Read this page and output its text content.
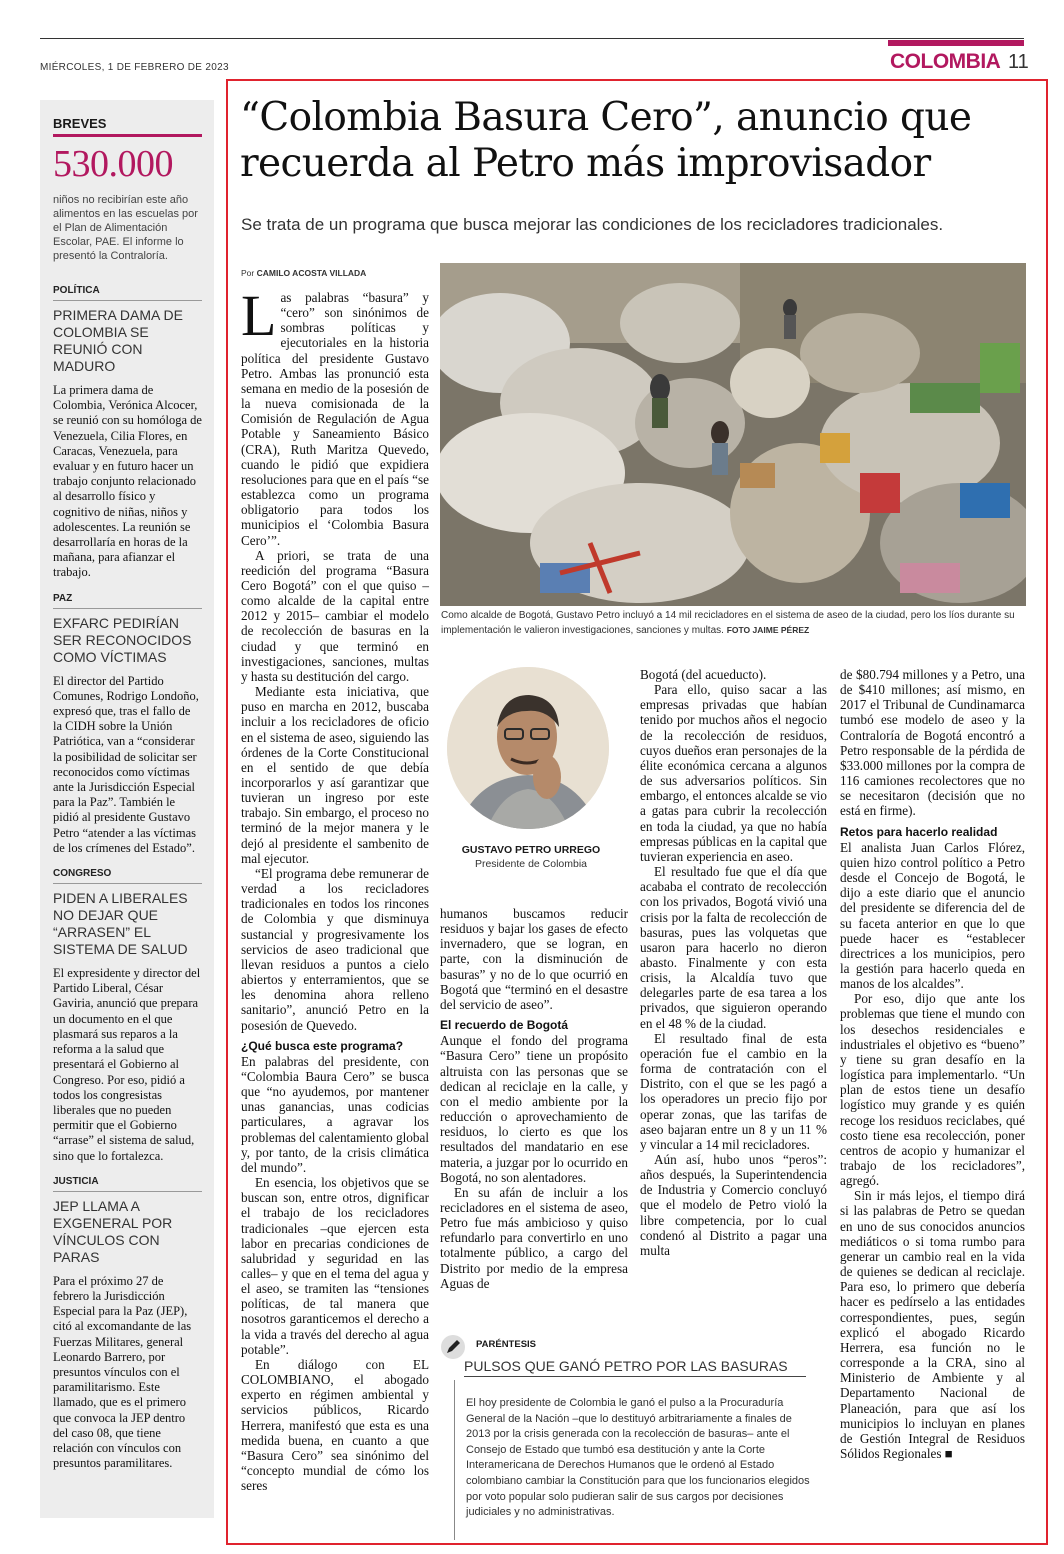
MIÉRCOLES, 1 DE FEBRERO DE 2023	COLOMBIA 11
BREVES
530.000
niños no recibirían este año alimentos en las escuelas por el Plan de Alimentación Escolar, PAE. El informe lo presentó la Contraloría.
POLÍTICA
PRIMERA DAMA DE COLOMBIA SE REUNIÓ CON MADURO
La primera dama de Colombia, Verónica Alcocer, se reunió con su homóloga de Venezuela, Cilia Flores, en Caracas, Venezuela, para evaluar y en futuro hacer un trabajo conjunto relacionado al desarrollo físico y cognitivo de niñas, niños y adolescentes. La reunión se desarrollaría en horas de la mañana, para afianzar el trabajo.
PAZ
EXFARC PEDIRÍAN SER RECONOCIDOS COMO VÍCTIMAS
El director del Partido Comunes, Rodrigo Londoño, expresó que, tras el fallo de la CIDH sobre la Unión Patriótica, van a “considerar la posibilidad de solicitar ser reconocidos como víctimas ante la Jurisdicción Especial para la Paz”. También le pidió al presidente Gustavo Petro “atender a las víctimas de los crímenes del Estado”.
CONGRESO
PIDEN A LIBERALES NO DEJAR QUE “ARRASEN” EL SISTEMA DE SALUD
El expresidente y director del Partido Liberal, César Gaviria, anunció que prepara un documento en el que plasmará sus reparos a la reforma a la salud que presentará el Gobierno al Congreso. Por eso, pidió a todos los congresistas liberales que no pueden permitir que el Gobierno “arrase” el sistema de salud, sino que lo fortalezca.
JUSTICIA
JEP LLAMA A EXGENERAL POR VÍNCULOS CON PARAS
Para el próximo 27 de febrero la Jurisdicción Especial para la Paz (JEP), citó al excomandante de las Fuerzas Militares, general Leonardo Barrero, por presuntos vínculos con el paramilitarismo. Este llamado, que es el primero que convoca la JEP dentro del caso 08, que tiene relación con vínculos con presuntos paramilitares.
“Colombia Basura Cero”, anuncio que recuerda al Petro más improvisador
Se trata de un programa que busca mejorar las condiciones de los recicladores tradicionales.
Por CAMILO ACOSTA VILLADA

Las palabras “basura” y “cero” son sinónimos de sombras políticas y ejecutoriales en la historia política del presidente Gustavo Petro. Ambas las pronunció esta semana en medio de la posesión de la nueva comisionada de la Comisión de Regulación de Agua Potable y Saneamiento Básico (CRA), Ruth Maritza Quevedo, cuando le pidió que expidiera resoluciones para que en el país “se establezca como un programa obligatorio para todos los municipios el ‘Colombia Basura Cero’”.

A priori, se trata de una reedición del programa “Basura Cero Bogotá” con el que quiso –como alcalde de la capital entre 2012 y 2015– cambiar el modelo de recolección de basuras en la ciudad y que terminó en investigaciones, sanciones, multas y hasta su destitución del cargo.

Mediante esta iniciativa, que puso en marcha en 2012, buscaba incluir a los recicladores de oficio en el sistema de aseo, siguiendo las órdenes de la Corte Constitucional en el sentido de que debía incorporarlos y así garantizar que tuvieran un ingreso por este trabajo. Sin embargo, el proceso no terminó de la mejor manera y le dejó al presidente el sambenito de mal ejecutor.

“El programa debe remunerar de verdad a los recicladores tradicionales en todos los rincones de Colombia y que disminuya sustancial y progresivamente los servicios de aseo tradicional que llevan residuos a puntos a cielo abiertos y enterramientos, que se les denomina ahora relleno sanitario”, anunció Petro en la posesión de Quevedo.

¿Qué busca este programa?

En palabras del presidente, con “Colombia Baura Cero” se busca que “no ayudemos, por mantener unas ganancias, unas codicias particulares, a agravar los problemas del calentamiento global y, por tanto, de la crisis climática del mundo”.

En esencia, los objetivos que se buscan son, entre otros, dignificar el trabajo de los recicladores tradicionales –que ejercen esta labor en precarias condiciones de salubridad y seguridad en las calles– y que en el tema del agua y el aseo, se tramiten las “tensiones políticas, de tal manera que nosotros garanticemos el derecho a la vida a través del derecho al agua potable”.

En diálogo con EL COLOMBIANO, el abogado experto en régimen ambiental y servicios públicos, Ricardo Herrera, manifestó que esta es una medida buena, en cuanto a que “Basura Cero” sea sinónimo del “concepto mundial de cómo los seres

Como alcalde de Bogotá, Gustavo Petro incluyó a 14 mil recicladores en el sistema de aseo de la ciudad, pero los líos durante su implementación le valieron investigaciones, sanciones y multas. FOTO JAIME PÉREZ
GUSTAVO PETRO URREGO
Presidente de Colombia

humanos buscamos reducir residuos y bajar los gases de efecto invernadero, que se logran, en parte, con la disminución de basuras” y no de lo que ocurrió en Bogotá que “terminó en el desastre del servicio de aseo”.

El recuerdo de Bogotá

Aunque el fondo del programa “Basura Cero” tiene un propósito altruista con las personas que se dedican al reciclaje en la calle, y con el medio ambiente por la reducción o aprovechamiento de residuos, lo cierto es que los resultados del mandatario en ese materia, a juzgar por lo ocurrido en Bogotá, no son alentadores.

En su afán de incluir a los recicladores en el sistema de aseo, Petro fue más ambicioso y quiso refundarlo para convertirlo en uno totalmente público, a cargo del Distrito por medio de la empresa Aguas de

Bogotá (del acueducto).

Para ello, quiso sacar a las empresas privadas que habían tenido por muchos años el negocio de la recolección de residuos, cuyos dueños eran personajes de la élite económica cercana a algunos de sus adversarios políticos. Sin embargo, el entonces alcalde se vio a gatas para cubrir la recolección en toda la ciudad, ya que no había empresas públicas en la capital que tuvieran experiencia en aseo.

El resultado fue que el día que acababa el contrato de recolección con los privados, Bogotá vivió una crisis por la falta de recolección de basuras, pues las volquetas que usaron para hacerlo no dieron abasto. Finalmente y con esta crisis, la Alcaldía tuvo que delegarles parte de esa tarea a los privados, que siguieron operando en el 48 % de la ciudad.

El resultado final de esta operación fue el cambio en la forma de contratación con el Distrito, con el que se les pagó a los operadores un precio fijo por operar zonas, que las tarifas de aseo bajaran entre un 8 y un 11 % y vincular a 14 mil recicladores.

Aún así, hubo unos “peros”: años después, la Superintendencia de Industria y Comercio concluyó que el modelo de Petro violó la libre competencia, por lo cual condenó al Distrito a pagar una multa

de $80.794 millones y a Petro, una de $410 millones; así mismo, en 2017 el Tribunal de Cundinamarca tumbó ese modelo de aseo y la Contraloría de Bogotá encontró a Petro responsable de la pérdida de $33.000 millones por la compra de 116 camiones recolectores que no se necesitaron (decisión que no está en firme).

Retos para hacerlo realidad

El analista Juan Carlos Flórez, quien hizo control político a Petro desde el Concejo de Bogotá, le dijo a este diario que el anuncio del presidente se diferencia del de su faceta anterior en que lo que puede hacer es “establecer directrices a los municipios, pero la gestión para hacerlo queda en manos de los alcaldes”.

Por eso, dijo que ante los problemas que tiene el mundo con los desechos residenciales e industriales el objetivo es “bueno” y tiene su gran desafío en la logística para implementarlo. “Un plan de estos tiene un desafío logístico muy grande y es quién recoge los residuos reciclabes, qué costo tiene esa recolección, poner centros de acopio y humanizar el trabajo de los recicladores”, agregó.

Sin ir más lejos, el tiempo dirá si las palabras de Petro se quedan en uno de sus conocidos anuncios mediáticos o si toma rumbo para generar un cambio real en la vida de quienes se dedican al reciclaje. Para eso, lo primero que debería hacer es pedírselo a las entidades correspondientes, pues, según explicó el abogado Ricardo Herrera, esa función no le corresponde a la CRA, sino al Ministerio de Ambiente y al Departamento Nacional de Planeación, para que así los municipios lo incluyan en planes de Gestión Integral de Residuos Sólidos Regionales ■

PARÉNTESIS
PULSOS QUE GANÓ PETRO POR LAS BASURAS
El hoy presidente de Colombia le ganó el pulso a la Procuraduría General de la Nación –que lo destituyó arbitrariamente a finales de 2013 por la crisis generada con la recolección de basuras– ante el Consejo de Estado que tumbó esa destitución y ante la Corte Interamericana de Derechos Humanos que le ordenó al Estado colombiano cambiar la Constitución para que los funcionarios elegidos por voto popular solo pudieran salir de sus cargos por decisiones judiciales y no administrativas.
